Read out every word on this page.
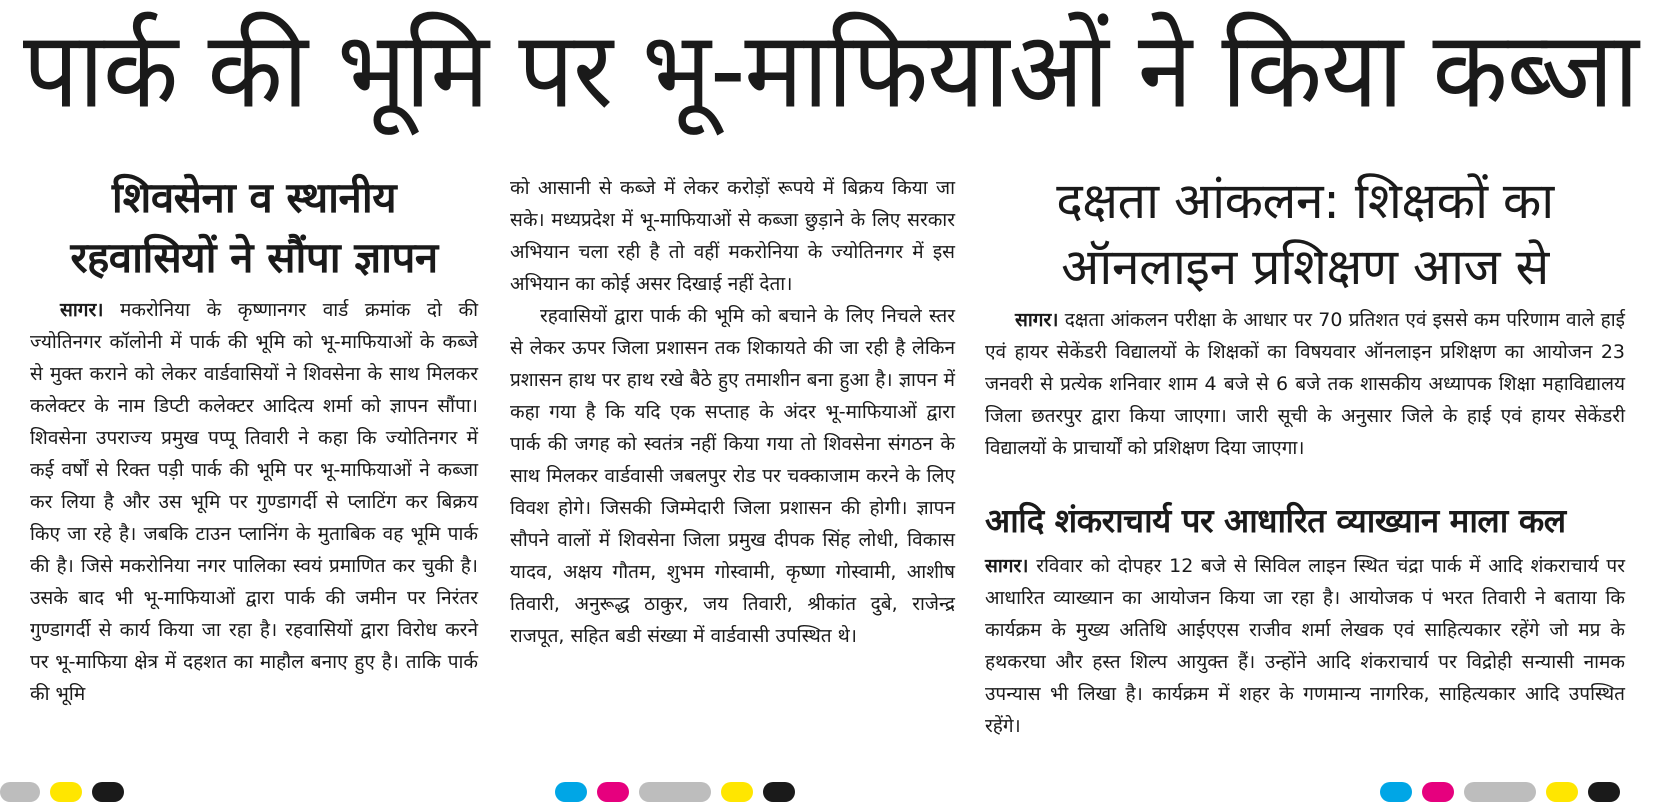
पार्क की भूमि पर भू-माफियाओं ने किया कब्जा
शिवसेना व स्थानीय
रहवासियों ने सौंपा ज्ञापन

सागर। मकरोनिया के कृष्णानगर वार्ड क्रमांक दो की ज्योतिनगर कॉलोनी में पार्क की भूमि को भू-माफियाओं के कब्जे से मुक्त कराने को लेकर वार्डवासियों ने शिवसेना के साथ मिलकर कलेक्टर के नाम डिप्टी कलेक्टर आदित्य शर्मा को ज्ञापन सौंपा। शिवसेना उपराज्य प्रमुख पप्पू तिवारी ने कहा कि ज्योतिनगर में कई वर्षों से रिक्त पड़ी पार्क की भूमि पर भू-माफियाओं ने कब्जा कर लिया है और उस भूमि पर गुण्डागर्दी से प्लाटिंग कर बिक्रय किए जा रहे है। जबकि टाउन प्लानिंग के मुताबिक वह भूमि पार्क की है। जिसे मकरोनिया नगर पालिका स्वयं प्रमाणित कर चुकी है। उसके बाद भी भू-माफियाओं द्वारा पार्क की जमीन पर निरंतर गुण्डागर्दी से कार्य किया जा रहा है। रहवासियों द्वारा विरोध करने पर भू-माफिया क्षेत्र में दहशत का माहौल बनाए हुए है। ताकि पार्क की भूमि

को आसानी से कब्जे में लेकर करोड़ों रूपये में बिक्रय किया जा सके। मध्यप्रदेश में भू-माफियाओं से कब्जा छुड़ाने के लिए सरकार अभियान चला रही है तो वहीं मकरोनिया के ज्योतिनगर में इस अभियान का कोई असर दिखाई नहीं देता।

रहवासियों द्वारा पार्क की भूमि को बचाने के लिए निचले स्तर से लेकर ऊपर जिला प्रशासन तक शिकायते की जा रही है लेकिन प्रशासन हाथ पर हाथ रखे बैठे हुए तमाशीन बना हुआ है। ज्ञापन में कहा गया है कि यदि एक सप्ताह के अंदर भू-माफियाओं द्वारा पार्क की जगह को स्वतंत्र नहीं किया गया तो शिवसेना संगठन के साथ मिलकर वार्डवासी जबलपुर रोड पर चक्काजाम करने के लिए विवश होगे। जिसकी जिम्मेदारी जिला प्रशासन की होगी। ज्ञापन सौपने वालों में शिवसेना जिला प्रमुख दीपक सिंह लोधी, विकास यादव, अक्षय गौतम, शुभम गोस्वामी, कृष्णा गोस्वामी, आशीष तिवारी, अनुरूद्ध ठाकुर, जय तिवारी, श्रीकांत दुबे, राजेन्द्र राजपूत, सहित बडी संख्या में वार्डवासी उपस्थित थे।

दक्षता आंकलन: शिक्षकों का
ऑनलाइन प्रशिक्षण आज से

सागर। दक्षता आंकलन परीक्षा के आधार पर 70 प्रतिशत एवं इससे कम परिणाम वाले हाई एवं हायर सेकेंडरी विद्यालयों के शिक्षकों का विषयवार ऑनलाइन प्रशिक्षण का आयोजन 23 जनवरी से प्रत्येक शनिवार शाम 4 बजे से 6 बजे तक शासकीय अध्यापक शिक्षा महाविद्यालय जिला छतरपुर द्वारा किया जाएगा। जारी सूची के अनुसार जिले के हाई एवं हायर सेकेंडरी विद्यालयों के प्राचार्यों को प्रशिक्षण दिया जाएगा।

आदि शंकराचार्य पर आधारित व्याख्यान माला कल

सागर। रविवार को दोपहर 12 बजे से सिविल लाइन स्थित चंद्रा पार्क में आदि शंकराचार्य पर आधारित व्याख्यान का आयोजन किया जा रहा है। आयोजक पं भरत तिवारी ने बताया कि कार्यक्रम के मुख्य अतिथि आईएएस राजीव शर्मा लेखक एवं साहित्यकार रहेंगे जो मप्र के हथकरघा और हस्त शिल्प आयुक्त हैं। उन्होंने आदि शंकराचार्य पर विद्रोही सन्यासी नामक उपन्यास भी लिखा है। कार्यक्रम में शहर के गणमान्य नागरिक, साहित्यकार आदि उपस्थित रहेंगे।
